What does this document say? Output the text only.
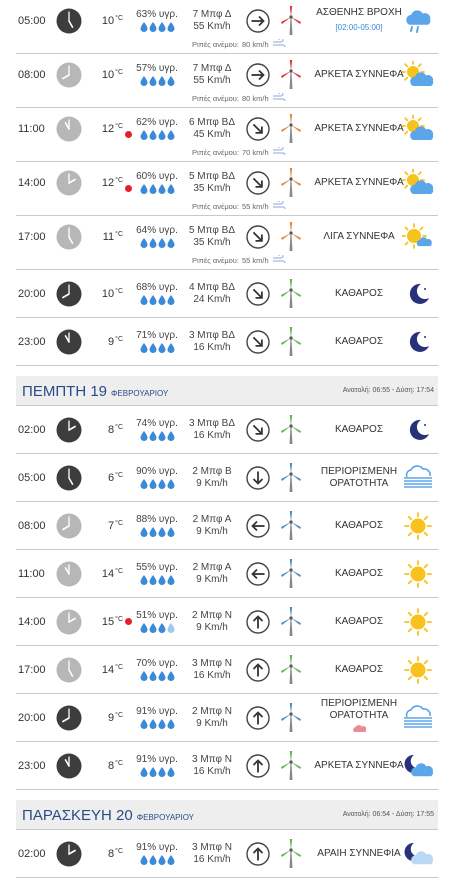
05:00	$10^{^\circ C}$ 63% υγρ. 7 Μπφ Δ
55 Km/h
ΑΣΘΕΝΗΣ ΒΡΟΧΗ
[02:00-05:00]
Ριπές ανέμου: 80 km/h
08:00	$10^{^\circ C}$ 57% υγρ. 7 Μπφ Δ
55 Km/h
ΑΡΚΕΤΑ ΣΥΝΝΕΦΑ
Ριπές ανέμου: 80 km/h
11:00	$12^{^\circ C}$ 62% υγρ. 6 Μπφ ΒΔ
45 Km/h
ΑΡΚΕΤΑ ΣΥΝΝΕΦΑ
Ριπές ανέμου: 70 km/h
14:00	$12^{^\circ C}$ 60% υγρ. 5 Μπφ ΒΔ
35 Km/h
ΑΡΚΕΤΑ ΣΥΝΝΕΦΑ
Ριπές ανέμου: 55 km/h
17:00	$11^{^\circ C}$ 64% υγρ. 5 Μπφ ΒΔ
35 Km/h
ΛΙΓΑ ΣΥΝΝΕΦΑ
Ριπές ανέμου: 55 km/h
20:00	$10^{^\circ C}$ 68% υγρ. 4 Μπφ ΒΔ
24 Km/h
ΚΑΘΑΡΟΣ
23:00	$9^{^\circ C}$ 71% υγρ. 3 Μπφ ΒΔ
16 Km/h
ΚΑΘΑΡΟΣ
ΠΕΜΠΤΗ 19 ΦΕΒΡΟΥΑΡΙΟΥ	Ανατολή: 06:55 - Δύση: 17:54
02:00	$8^{^\circ C}$ 74% υγρ. 3 Μπφ ΒΔ
16 Km/h
ΚΑΘΑΡΟΣ
05:00	$6^{^\circ C}$ 90% υγρ. 2 Μπφ Β
9 Km/h
ΠΕΡΙΟΡΙΣΜΕΝΗ
ΟΡΑΤΟΤΗΤΑ
08:00	$7^{^\circ C}$ 88% υγρ. 2 Μπφ Α
9 Km/h
ΚΑΘΑΡΟΣ
11:00	$14^{^\circ C}$ 55% υγρ. 2 Μπφ Α
9 Km/h
ΚΑΘΑΡΟΣ
14:00	$15^{^\circ C}$ 51% υγρ. 2 Μπφ Ν
9 Km/h
ΚΑΘΑΡΟΣ
17:00	$14^{^\circ C}$ 70% υγρ. 3 Μπφ Ν
16 Km/h
ΚΑΘΑΡΟΣ
20:00	$9^{^\circ C}$ 91% υγρ. 2 Μπφ Ν
9 Km/h
ΠΕΡΙΟΡΙΣΜΕΝΗ
ΟΡΑΤΟΤΗΤΑ
23:00	$8^{^\circ C}$ 91% υγρ. 3 Μπφ Ν
16 Km/h
ΑΡΚΕΤΑ ΣΥΝΝΕΦΑ
ΠΑΡΑΣΚΕΥΗ 20 ΦΕΒΡΟΥΑΡΙΟΥ	Ανατολή: 06:54 - Δύση: 17:55
02:00	$8^{^\circ C}$ 91% υγρ. 3 Μπφ Ν
16 Km/h
ΑΡΑΙΗ ΣΥΝΝΕΦΙΑ
